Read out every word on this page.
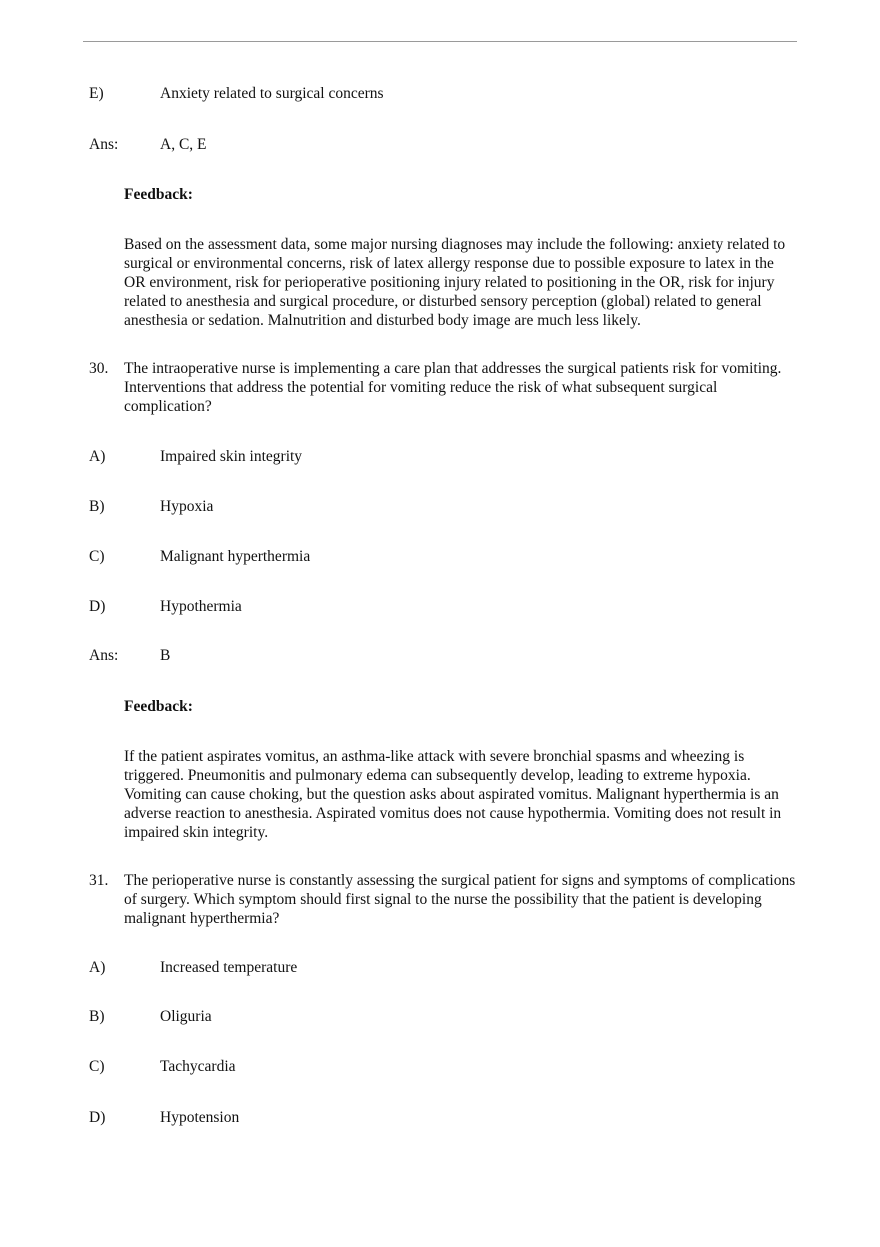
E)	Anxiety related to surgical concerns
Ans:	A, C, E
Feedback:
Based on the assessment data, some major nursing diagnoses may include the following: anxiety related to surgical or environmental concerns, risk of latex allergy response due to possible exposure to latex in the OR environment, risk for perioperative positioning injury related to positioning in the OR, risk for injury related to anesthesia and surgical procedure, or disturbed sensory perception (global) related to general anesthesia or sedation. Malnutrition and disturbed body image are much less likely.
30. The intraoperative nurse is implementing a care plan that addresses the surgical patients risk for vomiting. Interventions that address the potential for vomiting reduce the risk of what subsequent surgical complication?
A)	Impaired skin integrity
B)	Hypoxia
C)	Malignant hyperthermia
D)	Hypothermia
Ans:	B
Feedback:
If the patient aspirates vomitus, an asthma-like attack with severe bronchial spasms and wheezing is triggered. Pneumonitis and pulmonary edema can subsequently develop, leading to extreme hypoxia. Vomiting can cause choking, but the question asks about aspirated vomitus. Malignant hyperthermia is an adverse reaction to anesthesia. Aspirated vomitus does not cause hypothermia. Vomiting does not result in impaired skin integrity.
31. The perioperative nurse is constantly assessing the surgical patient for signs and symptoms of complications of surgery. Which symptom should first signal to the nurse the possibility that the patient is developing malignant hyperthermia?
A)	Increased temperature
B)	Oliguria
C)	Tachycardia
D)	Hypotension
